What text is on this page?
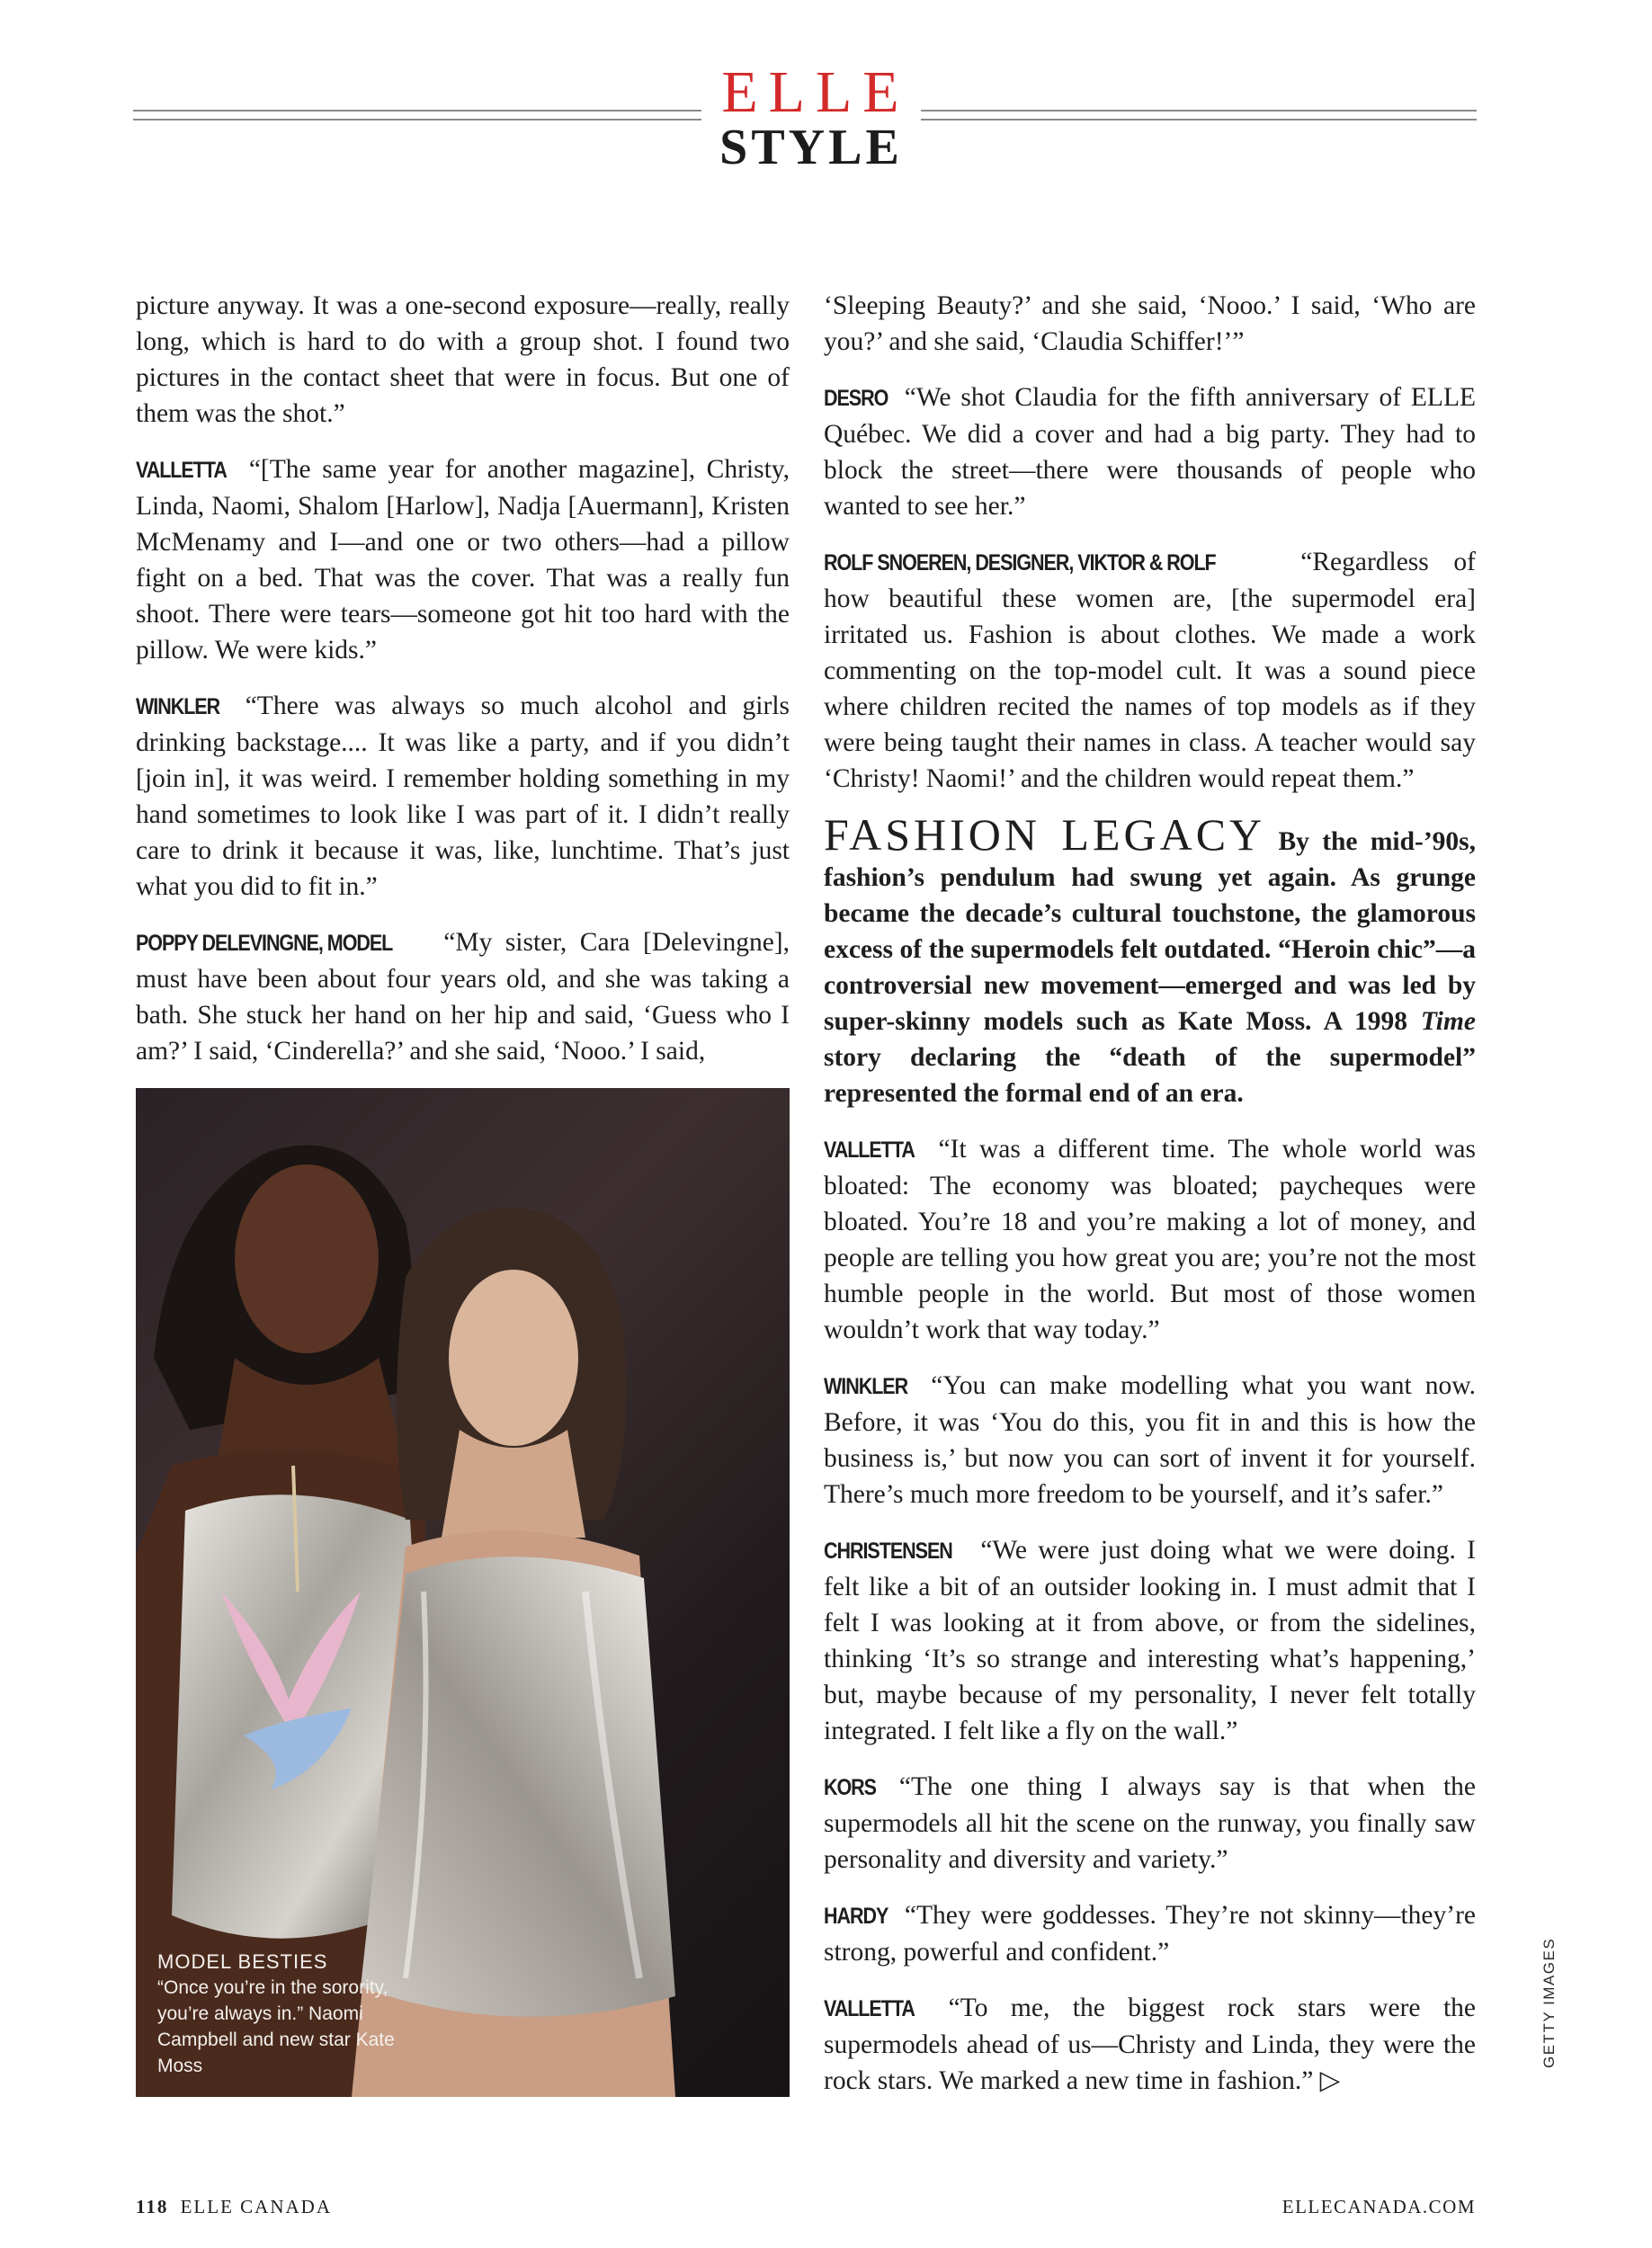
ELLE
STYLE

picture anyway. It was a one-second exposure—really, really long, which is hard to do with a group shot. I found two pictures in the contact sheet that were in focus. But one of them was the shot.”

VALLETTA “[The same year for another magazine], Christy, Linda, Naomi, Shalom [Harlow], Nadja [Auermann], Kristen McMenamy and I—and one or two others—had a pillow fight on a bed. That was the cover. That was a really fun shoot. There were tears—someone got hit too hard with the pillow. We were kids.”

WINKLER “There was always so much alcohol and girls drinking backstage.... It was like a party, and if you didn’t [join in], it was weird. I remember holding something in my hand sometimes to look like I was part of it. I didn’t really care to drink it because it was, like, lunchtime. That’s just what you did to fit in.”

POPPY DELEVINGNE, MODEL “My sister, Cara [Delevingne], must have been about four years old, and she was taking a bath. She stuck her hand on her hip and said, ‘Guess who I am?’ I said, ‘Cinderella?’ and she said, ‘Nooo.’ I said,

MODEL BESTIES
“Once you’re in the sorority, you’re always in.” Naomi Campbell and new star Kate Moss

‘Sleeping Beauty?’ and she said, ‘Nooo.’ I said, ‘Who are you?’ and she said, ‘Claudia Schiffer!’”

DESRO “We shot Claudia for the fifth anniversary of ELLE Québec. We did a cover and had a big party. They had to block the street—there were thousands of people who wanted to see her.”

ROLF SNOEREN, DESIGNER, VIKTOR & ROLF	“Regardless of how beautiful these women are, [the supermodel era] irritated us. Fashion is about clothes. We made a work commenting on the top-model cult. It was a sound piece where children recited the names of top models as if they were being taught their names in class. A teacher would say ‘Christy! Naomi!’ and the children would repeat them.”

FASHION LEGACY By the mid-’90s, fashion’s pendulum had swung yet again. As grunge became the decade’s cultural touchstone, the glamorous excess of the supermodels felt outdated. “Heroin chic”—a controversial new movement—emerged and was led by super-skinny models such as Kate Moss. A 1998 Time story declaring the “death of the supermodel” represented the formal end of an era.

VALLETTA “It was a different time. The whole world was bloated: The economy was bloated; paycheques were bloated. You’re 18 and you’re making a lot of money, and people are telling you how great you are; you’re not the most humble people in the world. But most of those women wouldn’t work that way today.”

WINKLER “You can make modelling what you want now. Before, it was ‘You do this, you fit in and this is how the business is,’ but now you can sort of invent it for yourself. There’s much more freedom to be yourself, and it’s safer.”

CHRISTENSEN “We were just doing what we were doing. I felt like a bit of an outsider looking in. I must admit that I felt I was looking at it from above, or from the sidelines, thinking ‘It’s so strange and interesting what’s happening,’ but, maybe because of my personality, I never felt totally integrated. I felt like a fly on the wall.”

KORS “The one thing I always say is that when the supermodels all hit the scene on the runway, you finally saw personality and diversity and variety.”

HARDY “They were goddesses. They’re not skinny—they’re strong, powerful and confident.”

VALLETTA “To me, the biggest rock stars were the supermodels ahead of us—Christy and Linda, they were the rock stars. We marked a new time in fashion.” ▷

GETTY IMAGES
118 ELLE CANADA	ELLECANADA.COM
